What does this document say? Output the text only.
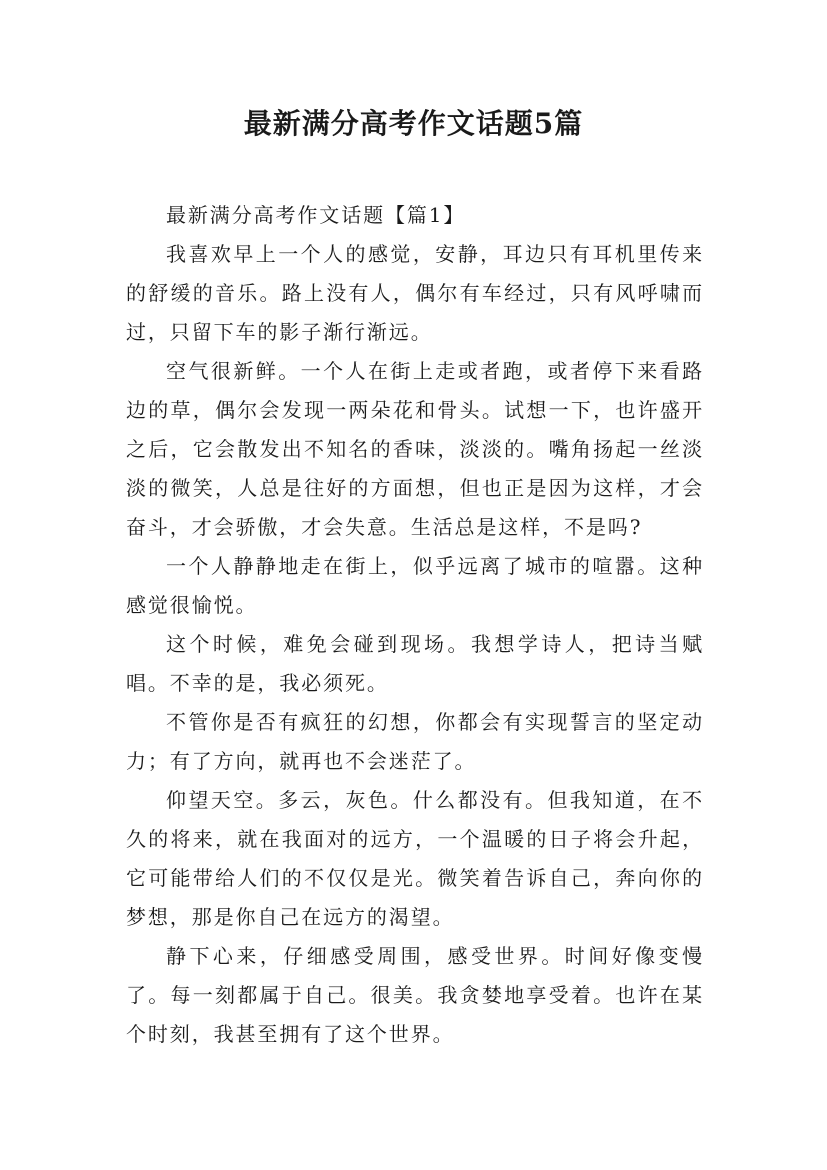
最新满分高考作文话题5篇

最新满分高考作文话题【篇1】

我喜欢早上一个人的感觉，安静，耳边只有耳机里传来的舒缓的音乐。路上没有人，偶尔有车经过，只有风呼啸而过，只留下车的影子渐行渐远。

空气很新鲜。一个人在街上走或者跑，或者停下来看路边的草，偶尔会发现一两朵花和骨头。试想一下，也许盛开之后，它会散发出不知名的香味，淡淡的。嘴角扬起一丝淡淡的微笑，人总是往好的方面想，但也正是因为这样，才会奋斗，才会骄傲，才会失意。生活总是这样，不是吗?

一个人静静地走在街上，似乎远离了城市的喧嚣。这种感觉很愉悦。

这个时候，难免会碰到现场。我想学诗人，把诗当赋唱。不幸的是，我必须死。

不管你是否有疯狂的幻想，你都会有实现誓言的坚定动力；有了方向，就再也不会迷茫了。

仰望天空。多云，灰色。什么都没有。但我知道，在不久的将来，就在我面对的远方，一个温暖的日子将会升起，它可能带给人们的不仅仅是光。微笑着告诉自己，奔向你的梦想，那是你自己在远方的渴望。

静下心来，仔细感受周围，感受世界。时间好像变慢了。每一刻都属于自己。很美。我贪婪地享受着。也许在某个时刻，我甚至拥有了这个世界。
